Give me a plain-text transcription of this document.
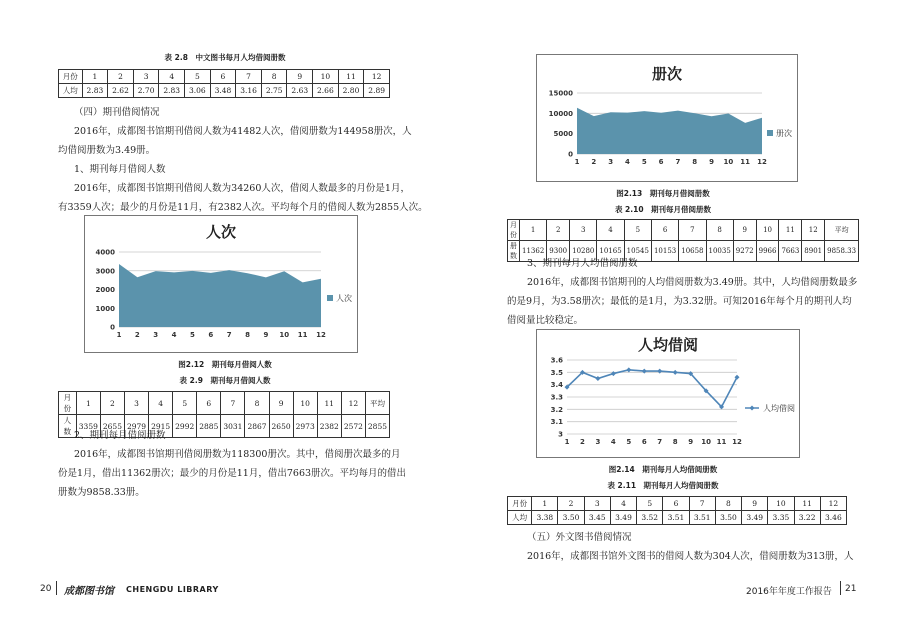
表 2.8　中文图书每月人均借阅册数
月份	1	2	3	4	5	6	7	8	9	10	11	12
人均	2.83	2.62	2.70	2.83	3.06	3.48	3.16	2.75	2.63	2.66	2.80	2.89
（四）期刊借阅情况
2016年，成都图书馆期刊借阅人数为41482人次，借阅册数为144958册次，人
均借阅册数为3.49册。
1、期刊每月借阅人数
2016年，成都图书馆期刊借阅人数为34260人次，借阅人数最多的月份是1月，
有3359人次；最少的月份是11月，有2382人次。平均每个月的借阅人数为2855人次。
人次
0
1000
2000
3000
4000
1 2 3 4 5 6 7 8 9 10 11 12
人次
图2.12　期刊每月借阅人数
表 2.9　期刊每月借阅人数
月份	1	2	3	4	5	6	7	8	9	10	11	12	平均
人数	3359	2655	2979	2915	2992	2885	3031	2867	2650	2973	2382	2572	2855
2、期刊每月借阅册数
2016年，成都图书馆期刊借阅册数为118300册次。其中，借阅册次最多的月
份是1月，借出11362册次；最少的月份是11月，借出7663册次。平均每月的借出
册数为9858.33册。
20 成都图书馆 CHENGDU LIBRARY
册次
0
5000
10000
15000
1 2 3 4 5 6 7 8 9 10 11 12
册次
图2.13　期刊每月借阅册数
表 2.10　期刊每月借阅册数
月份	1	2	3	4	5	6	7	8	9	10	11	12	平均
册数	11362	9300	10280	10165	10545	10153	10658	10035	9272	9966	7663	8901	9858.33
3、期刊每月人均借阅册数
2016年，成都图书馆期刊的人均借阅册数为3.49册。其中，人均借阅册数最多
的是9月，为3.58册次；最低的是1月，为3.32册。可知2016年每个月的期刊人均
借阅量比较稳定。
人均借阅
3
3.1
3.2
3.3
3.4
3.5
3.6
1 2 3 4 5 6 7 8 9 10 11 12
人均借阅
图2.14　期刊每月人均借阅册数
表 2.11　期刊每月人均借阅册数
月份	1	2	3	4	5	6	7	8	9	10	11	12
人均	3.38	3.50	3.45	3.49	3.52	3.51	3.51	3.50	3.49	3.35	3.22	3.46
（五）外文图书借阅情况
2016年，成都图书馆外文图书的借阅人数为304人次，借阅册数为313册，人
2016年年度工作报告 21
